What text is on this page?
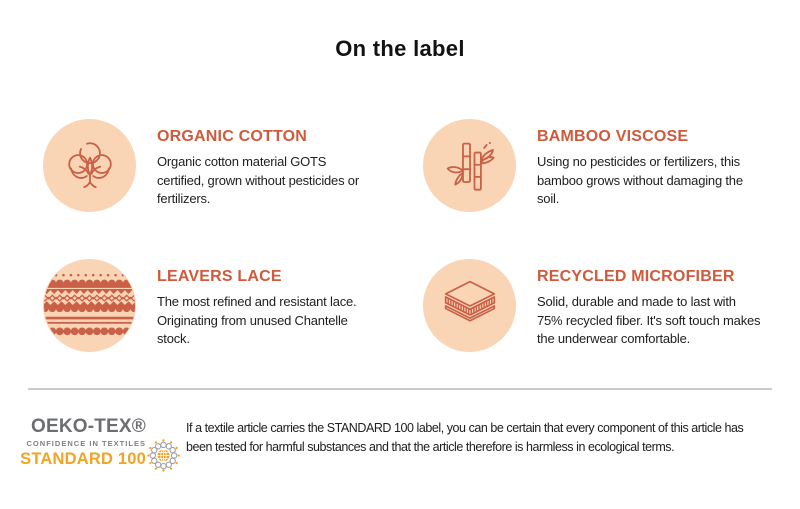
On the label
ORGANIC COTTON
Organic cotton material GOTS certified, grown without pesticides or fertilizers.
BAMBOO VISCOSE
Using no pesticides or fertilizers, this bamboo grows without damaging the soil.
LEAVERS LACE
The most refined and resistant lace. Originating from unused Chantelle stock.
RECYCLED MICROFIBER
Solid, durable and made to last with 75% recycled fiber. It's soft touch makes the underwear comfortable.
OEKO-TEX®
CONFIDENCE IN TEXTILES
STANDARD 100
If a textile article carries the STANDARD 100 label, you can be certain that every component of this article has been tested for harmful substances and that the article therefore is harmless in ecological terms.
